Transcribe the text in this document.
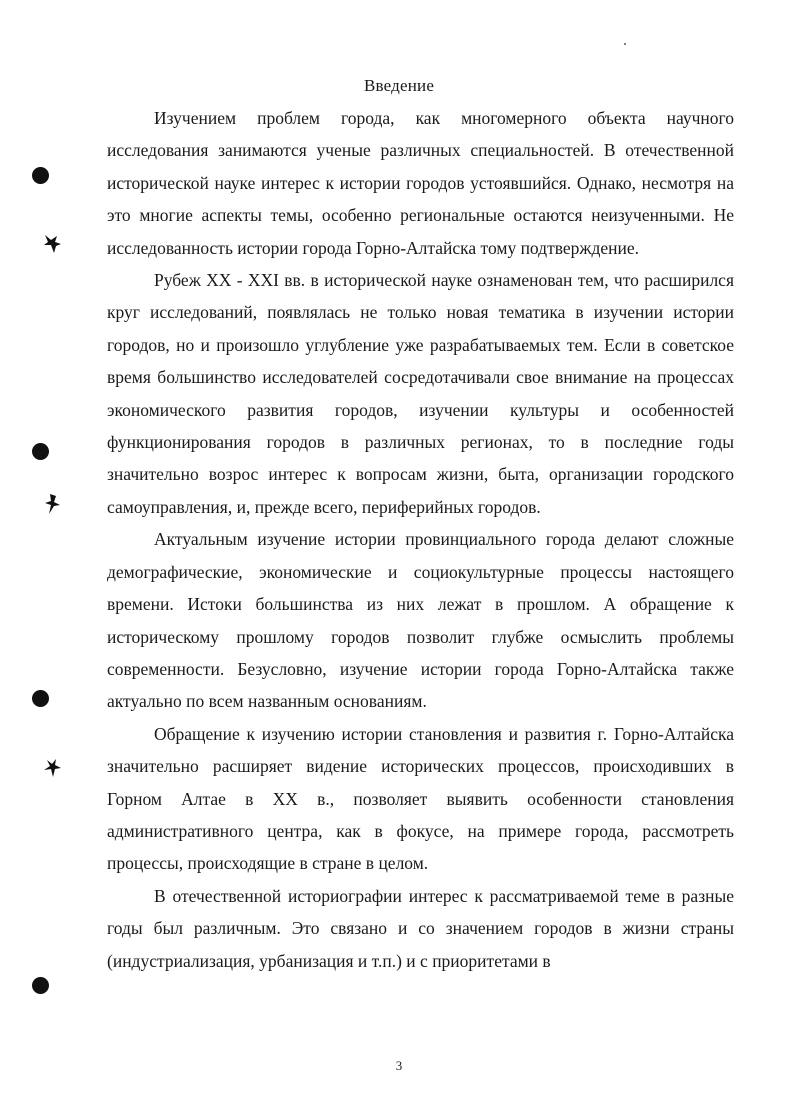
Введение

Изучением проблем города, как многомерного объекта научного исследования занимаются ученые различных специальностей. В отечественной исторической науке интерес к истории городов устоявшийся. Однако, несмотря на это многие аспекты темы, особенно региональные остаются неизученными. Не исследованность истории города Горно-Алтайска тому подтверждение.

Рубеж XX - XXI вв. в исторической науке ознаменован тем, что расширился круг исследований, появлялась не только новая тематика в изучении истории городов, но и произошло углубление уже разрабатываемых тем. Если в советское время большинство исследователей сосредотачивали свое внимание на процессах экономического развития городов, изучении культуры и особенностей функционирования городов в различных регионах, то в последние годы значительно возрос интерес к вопросам жизни, быта, организации городского самоуправления, и, прежде всего, периферийных городов.

Актуальным изучение истории провинциального города делают сложные демографические, экономические и социокультурные процессы настоящего времени. Истоки большинства из них лежат в прошлом. А обращение к историческому прошлому городов позволит глубже осмыслить проблемы современности. Безусловно, изучение истории города Горно-Алтайска также актуально по всем названным основаниям.

Обращение к изучению истории становления и развития г. Горно-Алтайска значительно расширяет видение исторических процессов, происходивших в Горном Алтае в XX в., позволяет выявить особенности становления административного центра, как в фокусе, на примере города, рассмотреть процессы, происходящие в стране в целом.

В отечественной историографии интерес к рассматриваемой теме в разные годы был различным. Это связано и со значением городов в жизни страны (индустриализация, урбанизация и т.п.) и с приоритетами в

3
